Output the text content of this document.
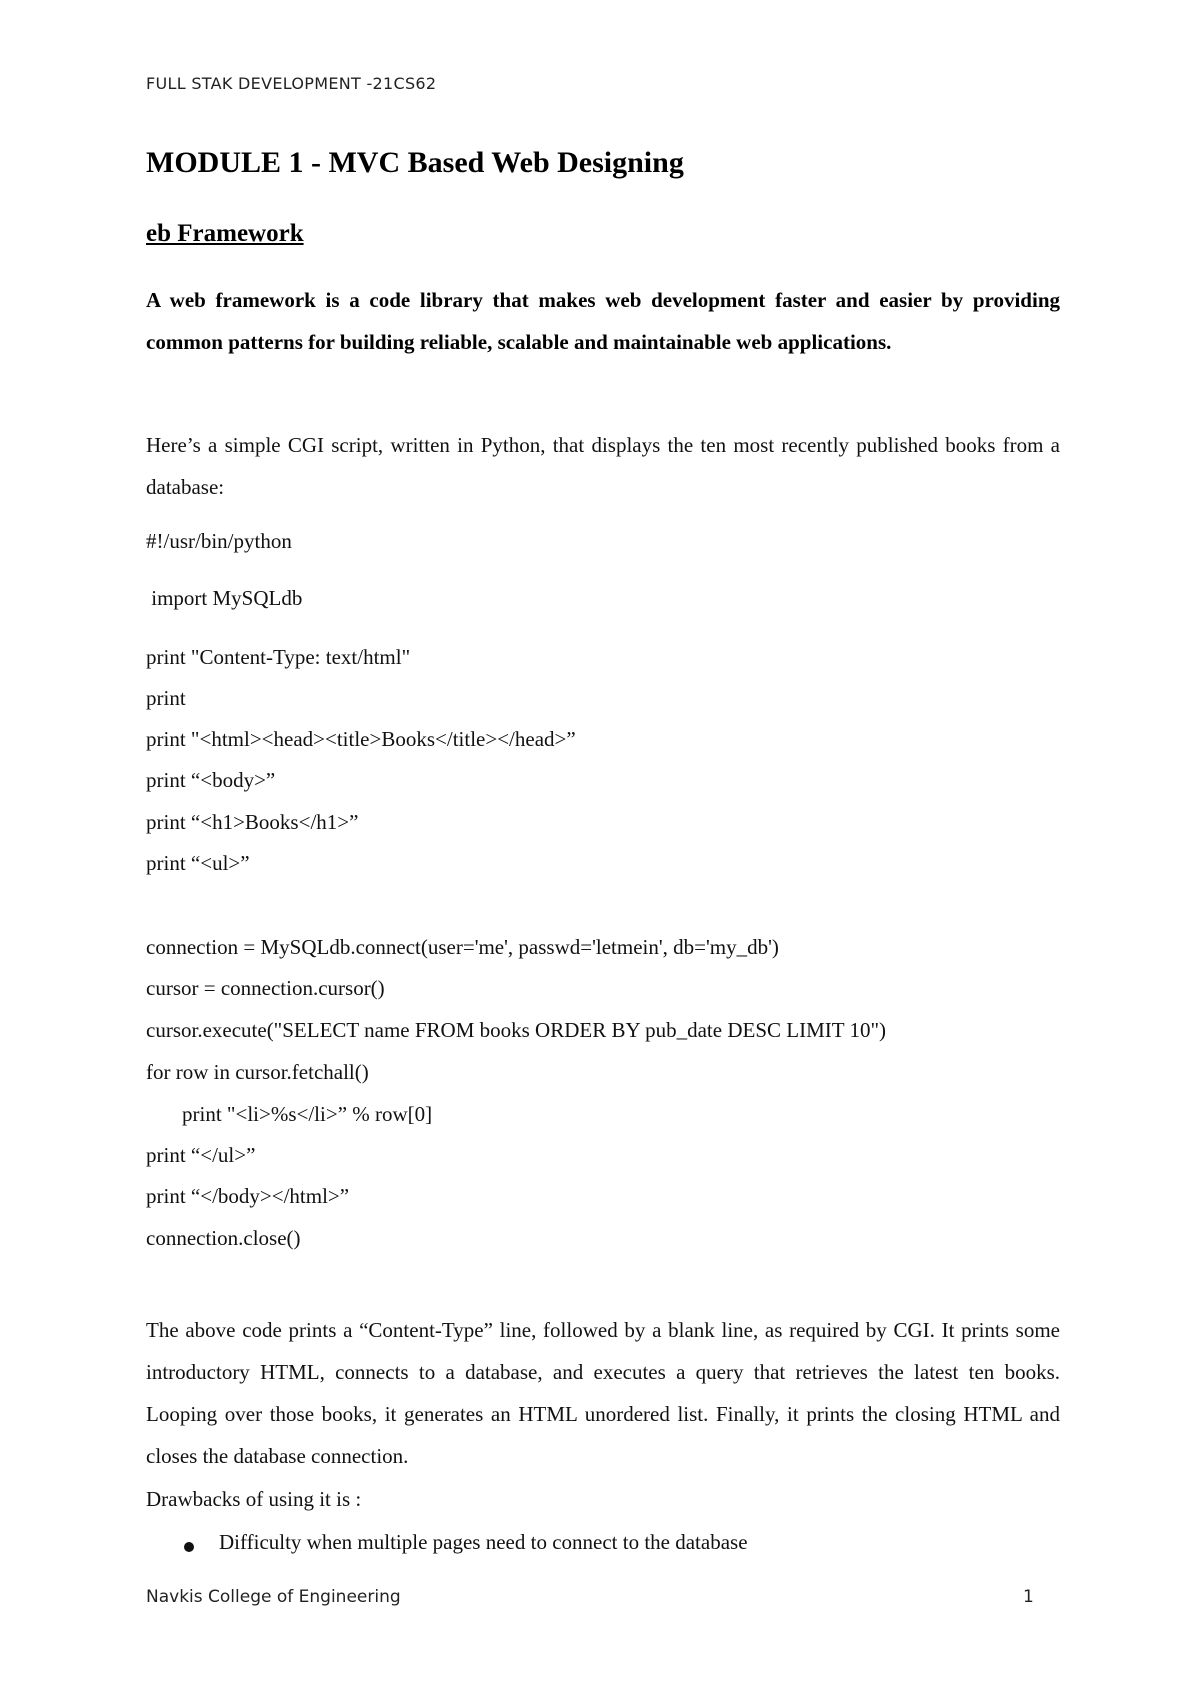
FULL STAK DEVELOPMENT -21CS62
MODULE 1 - MVC Based Web Designing
eb Framework
A web framework is a code library that makes web development faster and easier by providing common patterns for building reliable, scalable and maintainable web applications.
Here’s a simple CGI script, written in Python, that displays the ten most recently published books from a database:
#!/usr/bin/python
import MySQLdb
print "Content-Type: text/html"
print
print "<html><head><title>Books</title></head>”
print “<body>”
print “<h1>Books</h1>”
print “<ul>”
connection = MySQLdb.connect(user='me', passwd='letmein', db='my_db')
cursor = connection.cursor()
cursor.execute("SELECT name FROM books ORDER BY pub_date DESC LIMIT 10")
for row in cursor.fetchall()
print "<li>%s</li>” % row[0]
print “</ul>”
print “</body></html>”
connection.close()
The above code prints a “Content-Type” line, followed by a blank line, as required by CGI. It prints some introductory HTML, connects to a database, and executes a query that retrieves the latest ten books. Looping over those books, it generates an HTML unordered list. Finally, it prints the closing HTML and closes the database connection.
Drawbacks of using it is :
Difficulty when multiple pages need to connect to the database
Navkis College of Engineering	1
